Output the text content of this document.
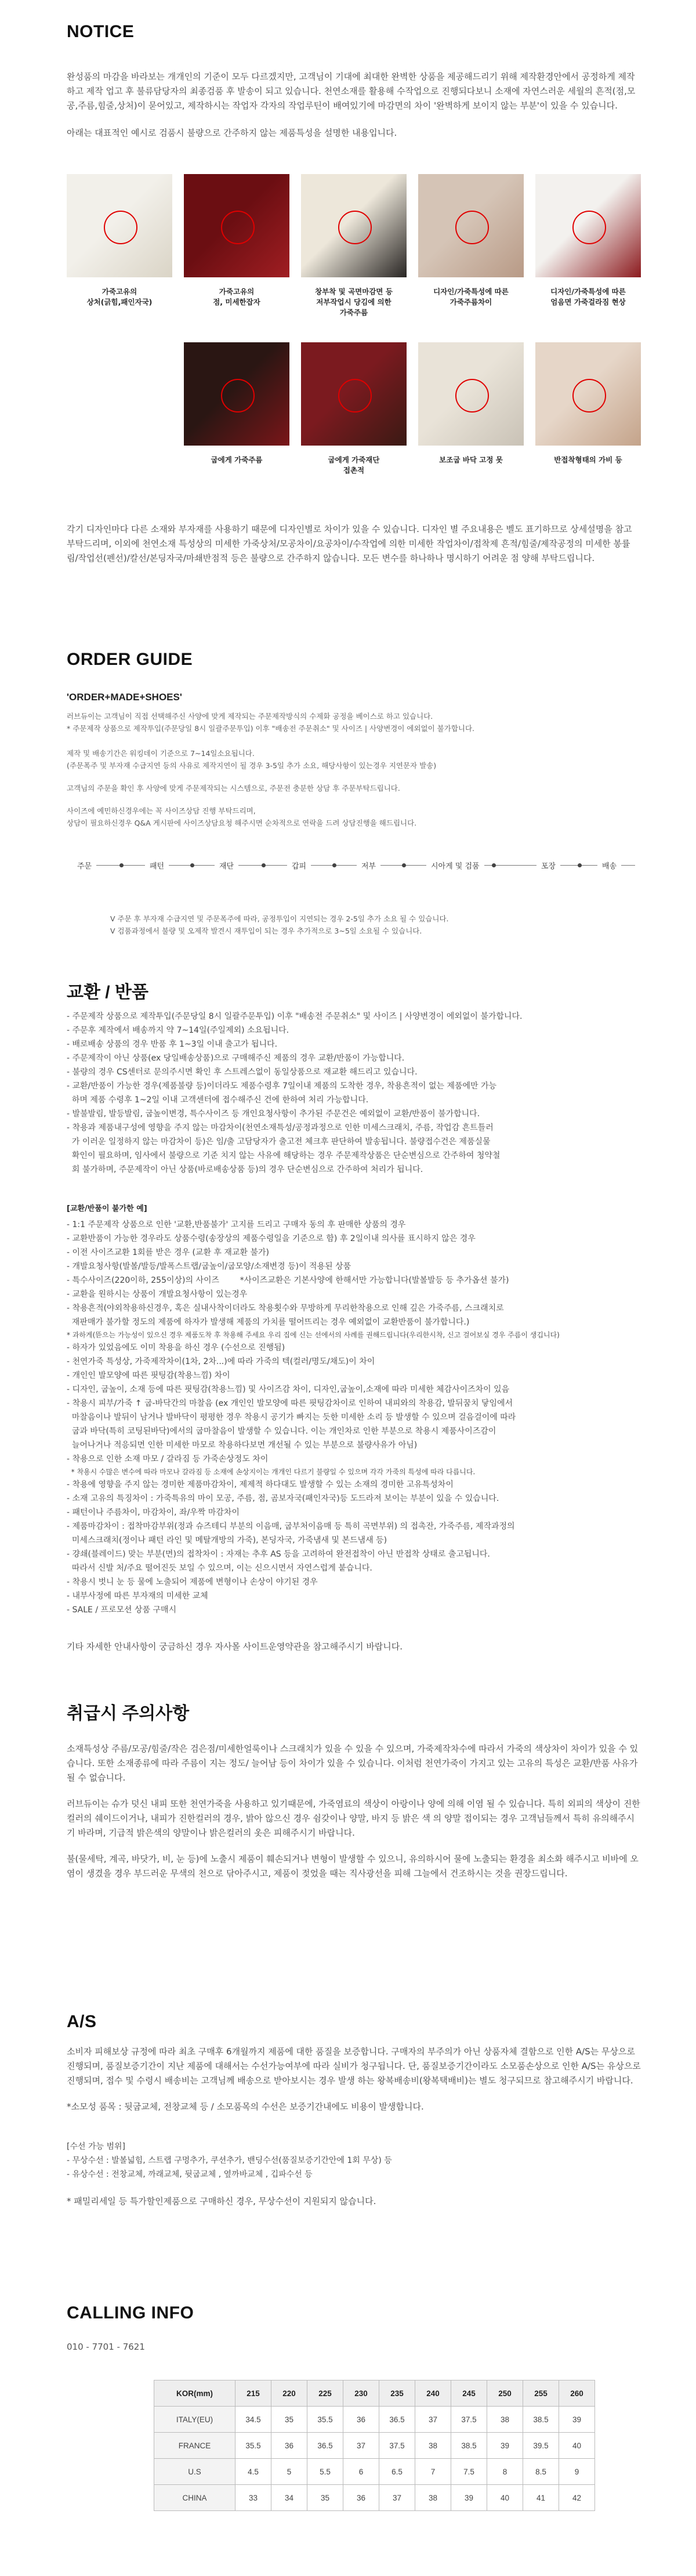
NOTICE

완성품의 마감을 바라보는 개개인의 기준이 모두 다르겠지만, 고객님이 기대에 최대한 완벽한 상품을 제공해드리기 위해 제작환경안에서 공정하게 제작하고 제작 업고 후 불류담당자의 최종검품 후 발송이 되고 있습니다. 천연소재를 활용해 수작업으로 진행되다보니 소재에 자연스러운 세월의 흔적(점,모공,주름,힘줄,상처)이 묻어있고, 제작하시는 작업자 각자의 작업루틴이 배여있기에 마감면의 차이 '완벽하게 보이지 않는 부분'이 있을 수 있습니다.

아래는 대표적인 예시로 검품시 불량으로 간주하지 않는 제품특성을 설명한 내용입니다.

가죽고유의
상처(긁힘,패인자국)
가죽고유의
점, 미세한잡자
창부착 및 곡면마감면 등
저부작업시 당김에 의한
가죽주름
디자인/가죽특성에 따른
가죽주름차이
디자인/가죽특성에 따른
엄음면 가죽걸라짐 현상
굽에게 가죽주름	굽에게 가죽재단
접촌적
보조굽 바닥 고정 못	반접착형태의 가비 등

각기 디자인마다 다른 소재와 부자재를 사용하기 때문에 디자인별로 차이가 있을 수 있습니다. 디자인 별 주요내용은 벨도 표기하므로 상세설명을 참고 부탁드리며, 이외에 천연소재 특성상의 미세한 가죽상처/모공차이/요공차이/수작업에 의한 미세한 작업차이/접착제 흔적/힘줄/제작공정의 미세한 봉률림/작업선(펜선)/칼선/본딩자국/마쇄반점적 등은 불량으로 간주하지 않습니다. 모든 변수를 하나하나 명시하기 어려운 점 양해 부탁드립니다.

ORDER GUIDE
'ORDER+MADE+SHOES'

러브듀이는 고객님이 직접 선택해주신 사양에 맞게 제작되는 주문제작방식의 수제화 공정을 베이스로 하고 있습니다.

* 주문제작 상품으로 제작투입(주문당일 8시 일괄주문투입) 이후 "배송전 주문취소" 및 사이즈 | 사양변경이 에외없이 불가합니다.

제작 및 배송기간은 워킹데이 기준으로 7~14일소요됩니다.

(주문폭주 및 부자재 수급지연 등의 사유로 제작지연이 될 경우 3-5일 추가 소요, 해당사항이 있는경우 지연문자 발송)

고객님의 주문을 확인 후 사양에 맞게 주문제작되는 시스템으로, 주문전 충분한 상담 후 주문부탁드립니다.

사이즈에 예민하신경우에는 꼭 사이즈상담 진행 부탁드리며,

상담이 필요하신경우 Q&A 게시판에 사이즈상담요청 해주시면 순차적으로 연락을 드려 상담진행을 해드립니다.

주문	패턴	재단	갑피	저부	시아게 및 검품	포장	배송

V 주문 후 부자재 수급지연 및 주문폭주에 따라, 공정투입이 지연되는 경우 2-5일 추가 소요 될 수 있습니다.

V 검품과정에서 불량 및 오제작 발견시 재투입이 되는 경우 추가적으로 3~5일 소요될 수 있습니다.

교환 / 반품
- 주문제작 상품으로 제작투입(주문당일 8시 일괄주문투입) 이후 "배송전 주문취소" 및 사이즈 | 사양변경이 에외없이 불가합니다.
- 주문후 제작에서 배송까지 약 7~14일(주일제외) 소요됩니다.
- 배로배송 상품의 경우 반품 후 1~3일 이내 출고가 됩니다.
- 주문제작이 아닌 상품(ex 당일배송상품)으로 구매해주신 제품의 경우 교환/반품이 가능합니다.
- 불량의 경우 CS센터로 문의주시면 확인 후 스트레스없이 동일상품으로 재교환 해드리고 있습니다.
- 교환/반품이 가능한 경우(제품불량 등)이더라도 제품수령후 7일이내 제품의 도착한 경우, 착용흔적이 없는 제품에만 가능
하며 제품 수령후 1~2일 이내 고객센터에 접수해주신 건에 한하여 처리 가능합니다.
- 발불발림, 발등발림, 굽높이변경, 특수사이즈 등 개인요청사항이 추가된 주문건은 예외없이 교환/반품이 불가합니다.
- 착용과 제품내구성에 영향을 주지 않는 마감차이(천연소재특성/공정과정으로 인한 미세스크래치, 주름, 작업감 흔트틀러
가 이러운 일정하지 않는 마감차이 등)은 임/출 고담당자가 출고전 체크후 판단하여 발송됩니다. 불량접수건은 제품실물
확인이 필요하며, 임사에서 불량으로 기준 치지 않는 사유에 해당하는 경우 주문제작상품은 단순변심으로 간주하여 청약철
회 불가하며, 주문제작이 아닌 상품(바로배송상품 등)의 경우 단순변심으로 간주하여 처리가 됩니다.
[교환/반품이 불가한 예]
- 1:1 주문제작 상품으로 인한 '교환,반품불가' 고지를 드리고 구매자 동의 후 판매한 상품의 경우
- 교환반품이 가능한 경우라도 상품수령(송장상의 제품수령일을 기준으로 함) 후 2일이내 의사를 표시하지 않은 경우
- 이전 사이즈교환 1회를 받은 경우 (교환 후 재교환 불가)
- 개발요청사항(발볼/발등/발폭스트랩/굽높이/굽모양/소재변경 등)이 적용된 상품
- 특수사이즈(220이하, 255이상)의 사이즈        *사이즈교환은 기본사양에 한해서만 가능합니다(발볼발등 등 추가옵션 불가)
- 교환을 원하시는 상품이 개발요청사항이 있는경우
- 착용흔적(야외착용하신경우, 혹은 실내사착이더라도 착용횟수와 무방하게 무리한착용으로 인해 깊은 가죽주름, 스크래치로
재판매가 불가할 정도의 제품에 하자가 발생해 제품의 가치를 떨어뜨리는 경우 예외없이 교환반품이 불가합니다.)
* 과하게(뜯으는 가능성이 있으신 경우 제품도착 후 착용해 주세요 우리 집에 신는 선에서의 사례를 권해드립니다(우리한시착, 신고 걸어보실 경우 주름이 생깁니다)
- 하자가 있었음에도 이미 착용을 하신 경우 (수선으로 진행됨)
- 천연가죽 특성상, 가죽제작차이(1차, 2차...)에 따라 가죽의 텍(컬러/명도/채도)이 차이
- 개인인 발모양에 따른 핏팅감(착용느낌) 차이
- 디자인, 굽높이, 소재 등에 따른 핏팅감(착용느낌) 및 사이즈감 차이, 디자인,굽높이,소재에 따라 미세한 체감사이즈차이 있음
- 착용시 피부/가죽 ↑ 굽-바닥간의 마찰음 (ex 개인인 발모양에 따른 핏팅감차이로 인하여 내피와의 착용감, 발뒤꿈치 닿임에서
마찰음이나 발뒤이 남거나 발바닥이 평평한 경우 착용시 공기가 빠지는 듯한 미세한 소리 등 발생할 수 있으며 걸음걸이에 따라
굽과 바닥(특히 코팅된바닥)에서의 굽마찰음이 발생할 수 있습니다. 이는 개인차로 인한 부분으로 착용시 제품사이즈감이
늘어나거나 적응되면 인한 미세한 마모로 착용하다보면 개선될 수 있는 부분으로 불량사유가 아님)
- 착용으로 인한 소재 마모 / 갈라짐 등 가죽손상정도 차이
* 착용시 수많은 변수에 따라 마모나 갈라짐 등 소재에 손상지이는 개개인 다르기 불량일 수 있으며 각각 가죽의 특성에 따라 다릅니다.
- 착용에 영향을 주지 않는 경미한 제품마감차이, 제제적 하다대도 발생할 수 있는 소재의 경미한 고유특성차이
- 소재 고유의 특징차이 : 가죽특유의 마이 모공, 주름, 점, 곰보자국(패인자국)등 도드라져 보이는 부분이 있을 수 있습니다.
- 패턴이나 주름차이, 마감차이, 좌/우짝 마감차이
- 제품마감차이 : 접착마감부위(정과 슈즈테디 부분의 이음매, 굽부처이음매 등 특히 곡면부위) 의 접촉잔, 가죽주름, 제작과정의
미세스크래치(정이나 패턴 라인 및 메탈개방의 가죽), 본딩자국, 가죽냄새 및 본드냄새 등)
- 걍쇄(블레이드) 맞는 부분(면)의 접착차이 : 자재는 추후 AS 등을 고려하여 완전접착이 아닌 반접착 상태로 출고됩니다.
따라서 신발 처/주요 떨어진듯 보일 수 있으며, 이는 신으시면서 자연스럽게 붙습니다.
- 착용시 벗니 눈 등 물에 노출되어 제품에 변형이나 손상이 야기된 경우
- 내부사정에 따른 부자재의 미세한 교체
- SALE / 프로모션 상품 구매시

기타 자세한 안내사항이 궁금하신 경우 자사몰 사이트운영약관을 참고해주시기 바랍니다.

취급시 주의사항

소재특성상 주름/모공/힘줄/작은 검은점/미세한얼룩이나 스크래치가 있을 수 있을 수 있으며, 가죽제작차수에 따라서 가죽의 색상차이 차이가 있을 수 있습니다. 또한 소재종류에 따라 주름이 지는 정도/ 늘어남 등이 차이가 있을 수 있습니다. 이처럼 천연가죽이 가지고 있는 고유의 특성은 교환/반품 사유가 될 수 없습니다.

러브듀이는 슈가 덧신 내피 또한 천연가죽을 사용하고 있기때문에, 가죽염료의 색상이 아랑이나 양에 의해 이염 될 수 있습니다. 특히 외피의 색상이 진한컬러의 쉐이드이거나, 내피가 진한컬러의 경우, 밝아 않으신 경우 쉼갖이나 양말, 바지 등 밝은 색 의 양말 접이되는 경우 고객님들께서 특히 유의해주시기 바라며, 기급적 밝은색의 양말이나 밝은컬러의 옷은 피해주시기 바랍니다.

불(물세탁, 계곡, 바닷가, 비, 눈 등)에 노출시 제품이 훼손되거나 변형이 발생할 수 있으니, 유의하시어 물에 노출되는 환경을 최소화 해주시고 비바에 오염이 생겼을 경우 부드러운 무색의 천으로 닦아주시고, 제품이 젖었을 때는 직사광선을 피해 그늘에서 건조하시는 것을 권장드립니다.

A/S

소비자 피해보상 규정에 따라 최초 구매후 6개월까지 제품에 대한 품질을 보증합니다. 구매자의 부주의가 아닌 상품자체 결함으로 인한 A/S는 무상으로 진행되며, 품질보증기간이 지난 제품에 대해서는 수선가능여부에 따라 실비가 청구됩니다. 단, 품질보증기간이라도 소모품손상으로 인한 A/S는 유상으로 진행되며, 접수 및 수령시 배송비는 고객님께 배송으로 받아보시는 경우 발생 하는 왕복배송비(왕복택배비)는 별도 청구되므로 참고해주시기 바랍니다.

*소모성 품목 : 뒷굽교체, 전창교체 등 / 소모품목의 수선은 보증기간내에도 비용이 발생합니다.

[수선 가능 범위]
- 무상수선 : 발볼넓힘, 스트랩 구멍추가, 쿠션추가, 밴딩수선(품질보증기간안에 1회 무상) 등
- 유상수선 : 전창교체, 까래교체, 뒷굽교체 , 옆까바교체 , 깁파수선 등

* 패밀리세일 등 특가할인제품으로 구매하신 경우, 무상수선이 지원되지 않습니다.

CALLING INFO
010 - 7701 - 7621
KOR(mm)	215	220	225	230	235	240	245	250	255	260
ITALY(EU)	34.5	35	35.5	36	36.5	37	37.5	38	38.5	39
FRANCE	35.5	36	36.5	37	37.5	38	38.5	39	39.5	40
U.S	4.5	5	5.5	6	6.5	7	7.5	8	8.5	9
CHINA	33	34	35	36	37	38	39	40	41	42
